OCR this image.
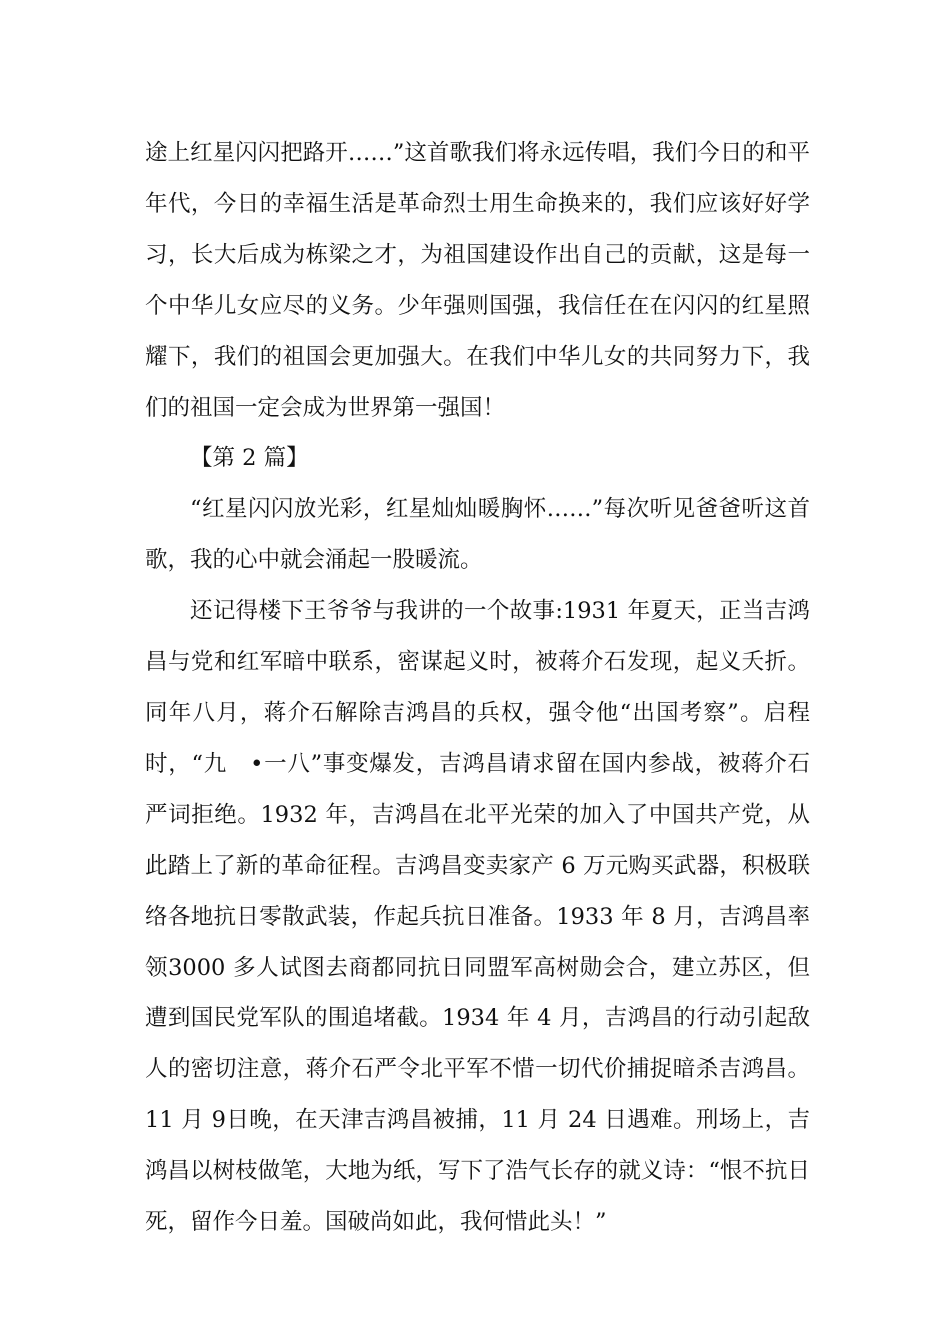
途上红星闪闪把路开……”这首歌我们将永远传唱，我们今日的和平年代，今日的幸福生活是革命烈士用生命换来的，我们应该好好学习，长大后成为栋梁之才，为祖国建设作出自己的贡献，这是每一个中华儿女应尽的义务。少年强则国强，我信任在在闪闪的红星照耀下，我们的祖国会更加强大。在我们中华儿女的共同努力下，我们的祖国一定会成为世界第一强国！

【第 2 篇】

“红星闪闪放光彩，红星灿灿暖胸怀……”每次听见爸爸听这首歌，我的心中就会涌起一股暖流。

还记得楼下王爷爷与我讲的一个故事:1931 年夏天，正当吉鸿昌与党和红军暗中联系，密谋起义时，被蒋介石发现，起义夭折。同年八月，蒋介石解除吉鸿昌的兵权，强令他“出国考察”。启程时，“九　•一八”事变爆发，吉鸿昌请求留在国内参战，被蒋介石严词拒绝。1932 年，吉鸿昌在北平光荣的加入了中国共产党，从此踏上了新的革命征程。吉鸿昌变卖家产 6 万元购买武器，积极联络各地抗日零散武装，作起兵抗日准备。1933 年 8 月，吉鸿昌率领3000 多人试图去商都同抗日同盟军高树勋会合，建立苏区，但遭到国民党军队的围追堵截。1934 年 4 月，吉鸿昌的行动引起敌人的密切注意，蒋介石严令北平军不惜一切代价捕捉暗杀吉鸿昌。11 月 9日晚，在天津吉鸿昌被捕，11 月 24 日遇难。刑场上，吉鸿昌以树枝做笔，大地为纸，写下了浩气长存的就义诗：“恨不抗日死，留作今日羞。国破尚如此，我何惜此头！”
